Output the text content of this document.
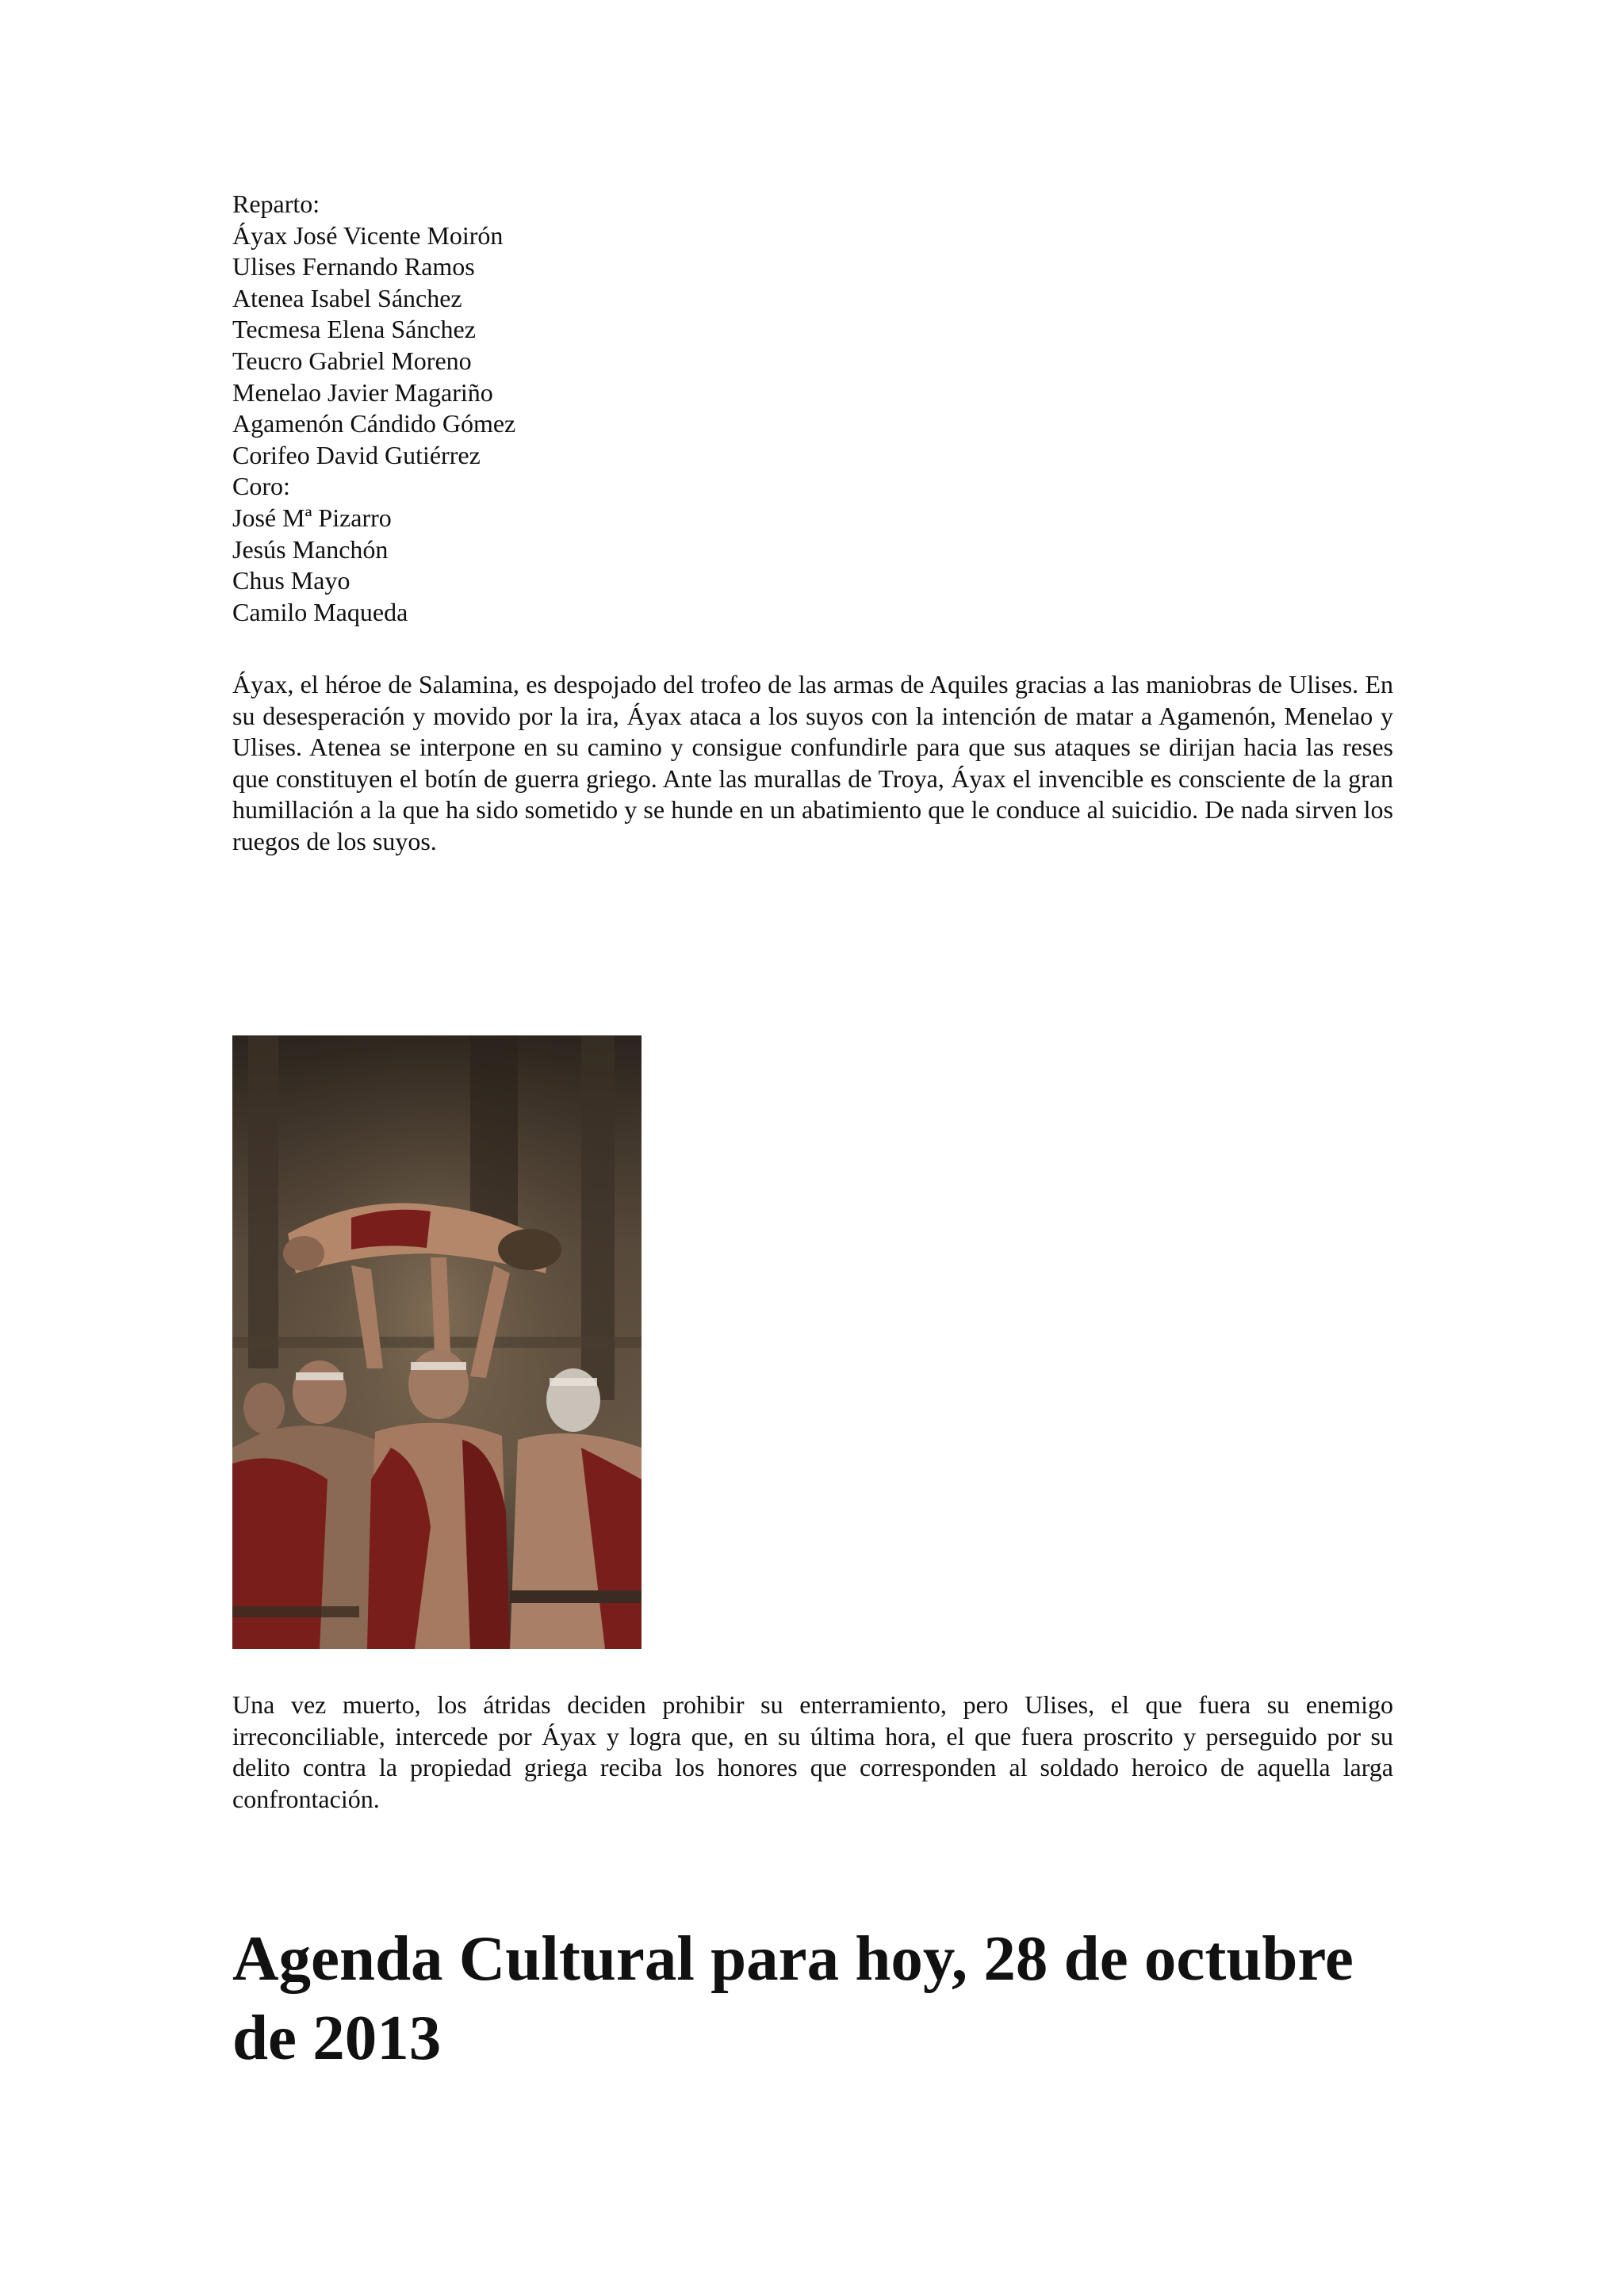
Reparto:
Áyax José Vicente Moirón
Ulises Fernando Ramos
Atenea Isabel Sánchez
Tecmesa Elena Sánchez
Teucro Gabriel Moreno
Menelao Javier Magariño
Agamenón Cándido Gómez
Corifeo David Gutiérrez
Coro:
José Mª Pizarro
Jesús Manchón
Chus Mayo
Camilo Maqueda

Áyax, el héroe de Salamina, es despojado del trofeo de las armas de Aquiles gracias a las maniobras de Ulises. En su desesperación y movido por la ira, Áyax ataca a los suyos con la intención de matar a Agamenón, Menelao y Ulises. Atenea se interpone en su camino y consigue confundirle para que sus ataques se dirijan hacia las reses que constituyen el botín de guerra griego. Ante las murallas de Troya, Áyax el invencible es consciente de la gran humillación a la que ha sido sometido y se hunde en un abatimiento que le conduce al suicidio. De nada sirven los ruegos de los suyos.

Una vez muerto, los átridas deciden prohibir su enterramiento, pero Ulises, el que fuera su enemigo irreconciliable, intercede por Áyax y logra que, en su última hora, el que fuera proscrito y perseguido por su delito contra la propiedad griega reciba los honores que corresponden al soldado heroico de aquella larga confrontación.

Agenda Cultural para hoy, 28 de octubre de 2013
